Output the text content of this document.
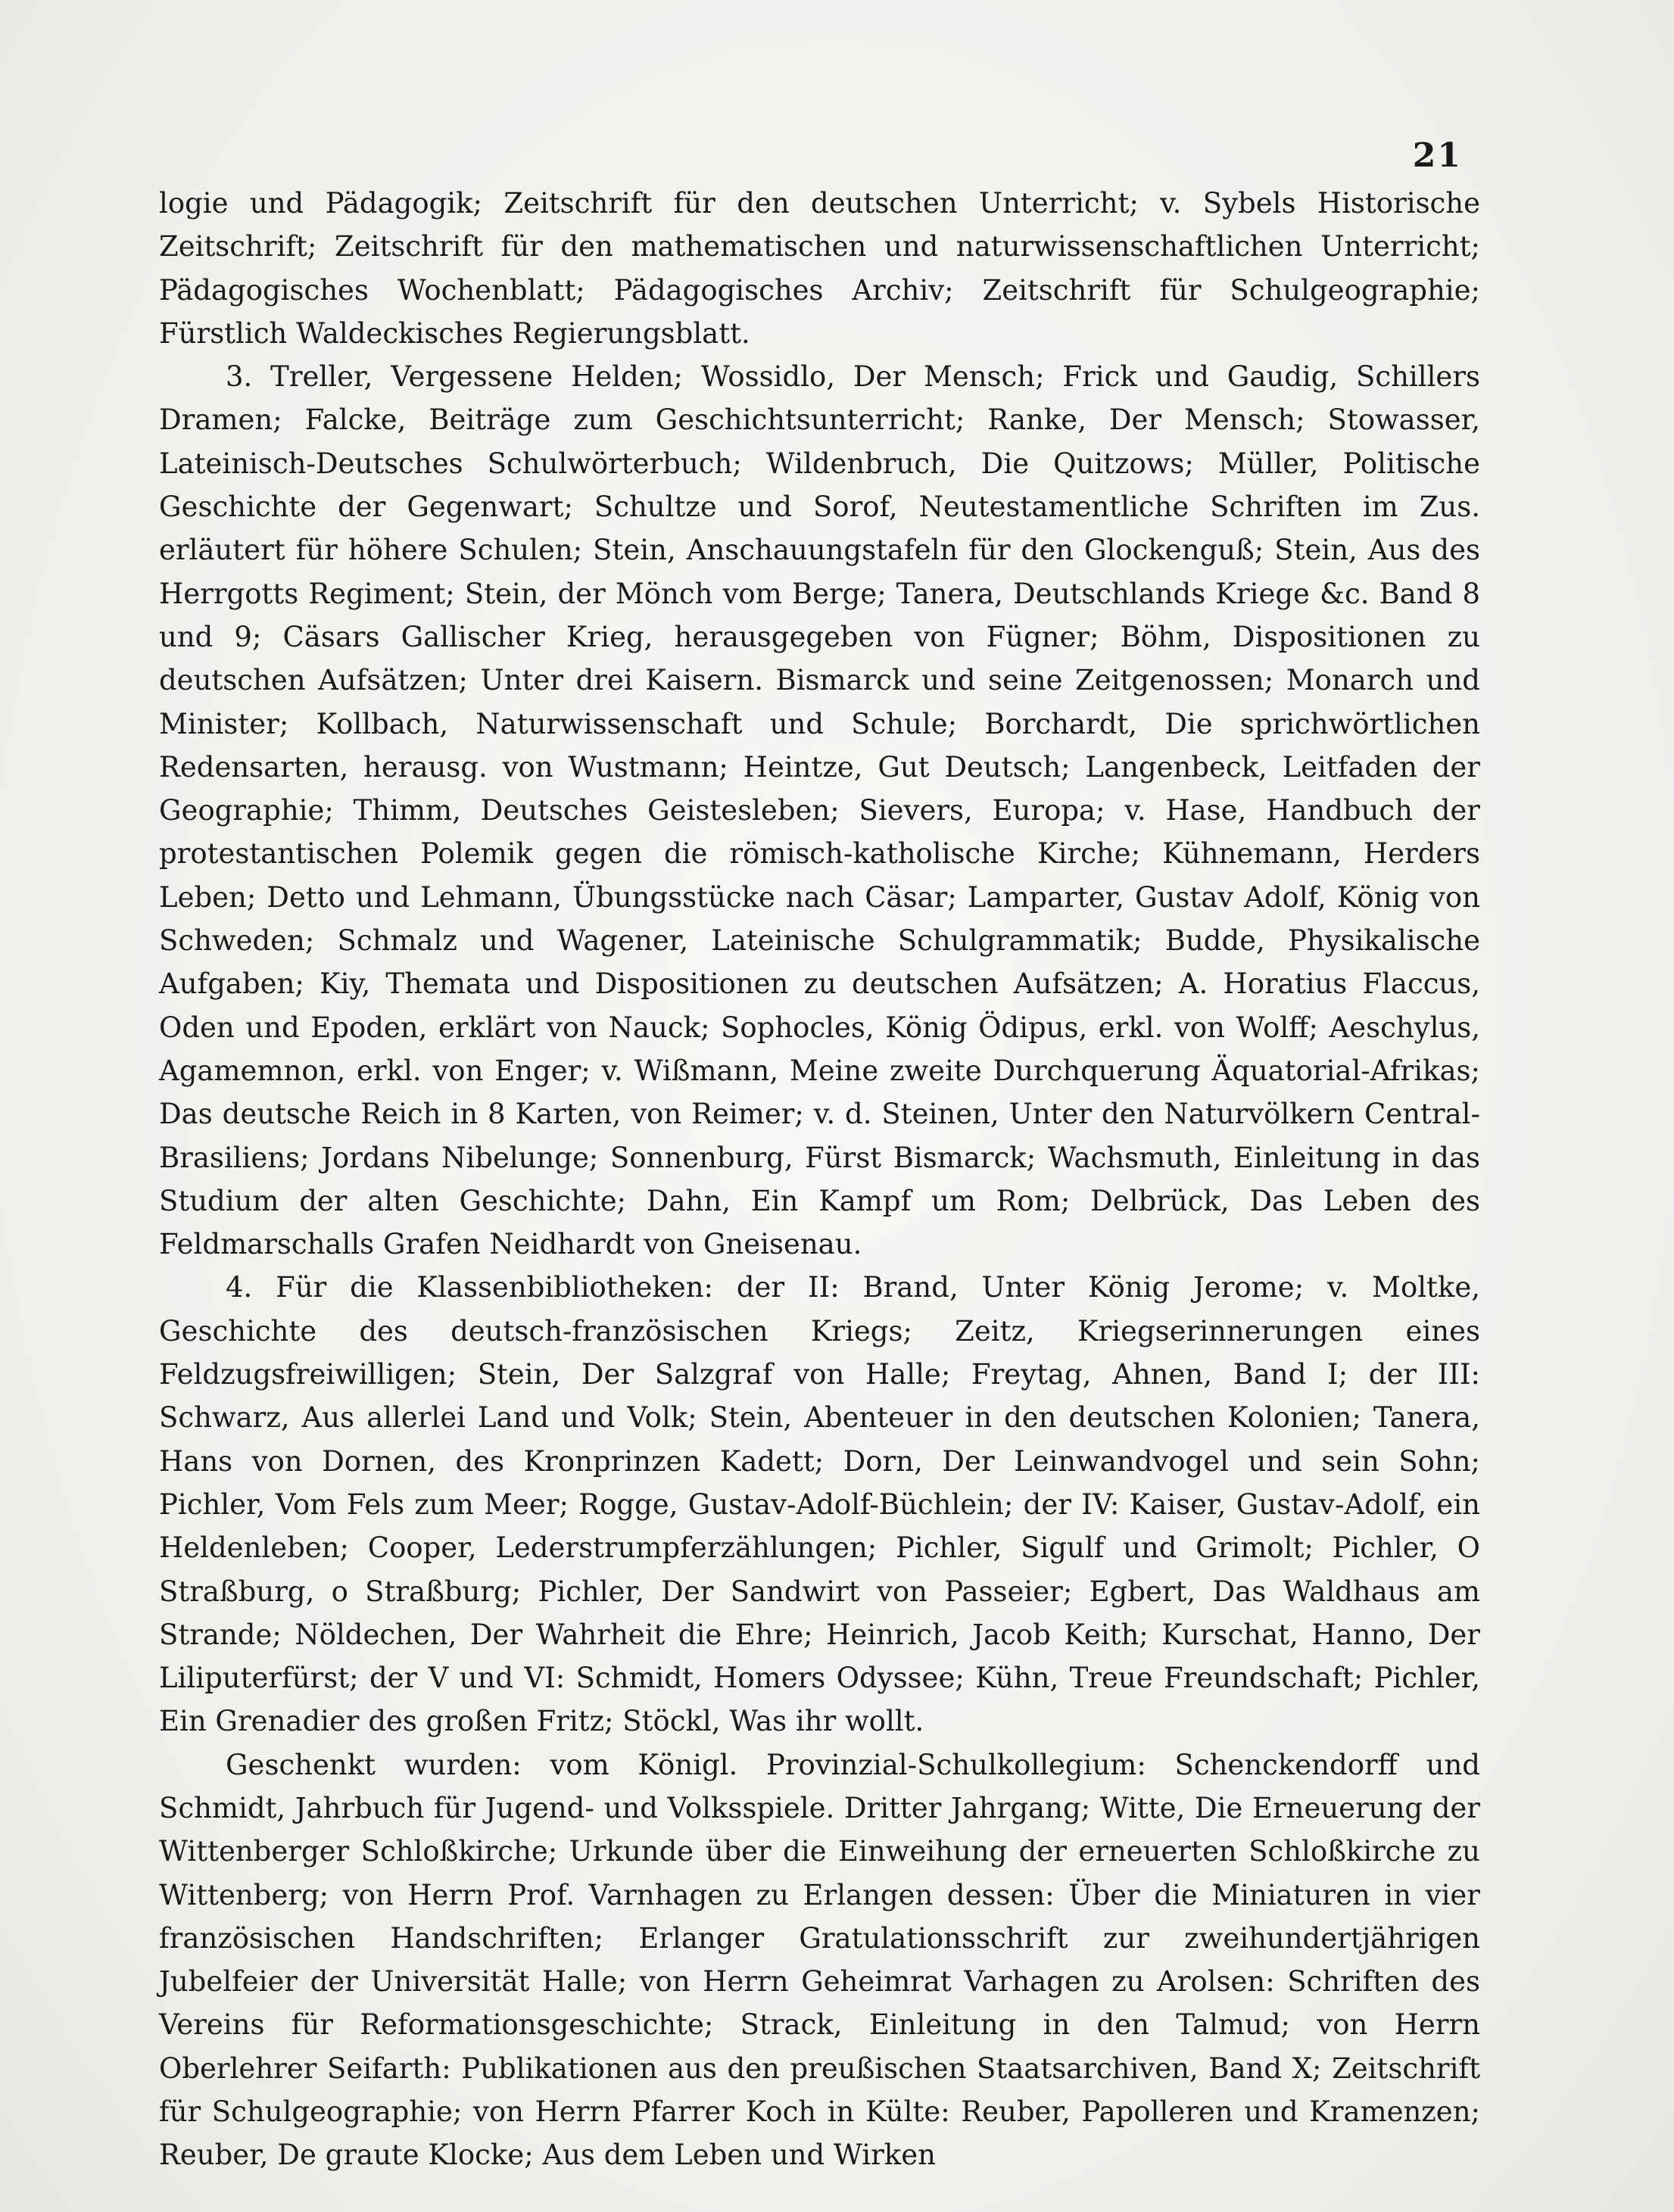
21

logie und Pädagogik; Zeitschrift für den deutschen Unterricht; v. Sybels Historische Zeitschrift; Zeitschrift für den mathematischen und naturwissenschaftlichen Unterricht; Pädagogisches Wochenblatt; Pädagogisches Archiv; Zeitschrift für Schulgeographie; Fürstlich Waldeckisches Regierungsblatt.

3. Treller, Vergessene Helden; Wossidlo, Der Mensch; Frick und Gaudig, Schillers Dramen; Falcke, Beiträge zum Geschichtsunterricht; Ranke, Der Mensch; Stowasser, Lateinisch-Deutsches Schulwörterbuch; Wildenbruch, Die Quitzows; Müller, Politische Geschichte der Gegenwart; Schultze und Sorof, Neutestamentliche Schriften im Zus. erläutert für höhere Schulen; Stein, Anschauungstafeln für den Glockenguß; Stein, Aus des Herrgotts Regiment; Stein, der Mönch vom Berge; Tanera, Deutschlands Kriege &c. Band 8 und 9; Cäsars Gallischer Krieg, herausgegeben von Fügner; Böhm, Dispositionen zu deutschen Aufsätzen; Unter drei Kaisern. Bismarck und seine Zeitgenossen; Monarch und Minister; Kollbach, Naturwissenschaft und Schule; Borchardt, Die sprichwörtlichen Redensarten, herausg. von Wustmann; Heintze, Gut Deutsch; Langenbeck, Leitfaden der Geographie; Thimm, Deutsches Geistesleben; Sievers, Europa; v. Hase, Handbuch der protestantischen Polemik gegen die römisch-katholische Kirche; Kühnemann, Herders Leben; Detto und Lehmann, Übungsstücke nach Cäsar; Lamparter, Gustav Adolf, König von Schweden; Schmalz und Wagener, Lateinische Schulgrammatik; Budde, Physikalische Aufgaben; Kiy, Themata und Dispositionen zu deutschen Aufsätzen; A. Horatius Flaccus, Oden und Epoden, erklärt von Nauck; Sophocles, König Ödipus, erkl. von Wolff; Aeschylus, Agamemnon, erkl. von Enger; v. Wißmann, Meine zweite Durchquerung Äquatorial-Afrikas; Das deutsche Reich in 8 Karten, von Reimer; v. d. Steinen, Unter den Naturvölkern Central-Brasiliens; Jordans Nibelunge; Sonnenburg, Fürst Bismarck; Wachsmuth, Einleitung in das Studium der alten Geschichte; Dahn, Ein Kampf um Rom; Delbrück, Das Leben des Feldmarschalls Grafen Neidhardt von Gneisenau.

4. Für die Klassenbibliotheken: der II: Brand, Unter König Jerome; v. Moltke, Geschichte des deutsch-französischen Kriegs; Zeitz, Kriegserinnerungen eines Feldzugsfreiwilligen; Stein, Der Salzgraf von Halle; Freytag, Ahnen, Band I; der III: Schwarz, Aus allerlei Land und Volk; Stein, Abenteuer in den deutschen Kolonien; Tanera, Hans von Dornen, des Kronprinzen Kadett; Dorn, Der Leinwandvogel und sein Sohn; Pichler, Vom Fels zum Meer; Rogge, Gustav-Adolf-Büchlein; der IV: Kaiser, Gustav-Adolf, ein Heldenleben; Cooper, Lederstrumpferzählungen; Pichler, Sigulf und Grimolt; Pichler, O Straßburg, o Straßburg; Pichler, Der Sandwirt von Passeier; Egbert, Das Waldhaus am Strande; Nöldechen, Der Wahrheit die Ehre; Heinrich, Jacob Keith; Kurschat, Hanno, Der Liliputerfürst; der V und VI: Schmidt, Homers Odyssee; Kühn, Treue Freundschaft; Pichler, Ein Grenadier des großen Fritz; Stöckl, Was ihr wollt.

Geschenkt wurden: vom Königl. Provinzial-Schulkollegium: Schenckendorff und Schmidt, Jahrbuch für Jugend- und Volksspiele. Dritter Jahrgang; Witte, Die Erneuerung der Wittenberger Schloßkirche; Urkunde über die Einweihung der erneuerten Schloßkirche zu Wittenberg; von Herrn Prof. Varnhagen zu Erlangen dessen: Über die Miniaturen in vier französischen Handschriften; Erlanger Gratulationsschrift zur zweihundertjährigen Jubelfeier der Universität Halle; von Herrn Geheimrat Varhagen zu Arolsen: Schriften des Vereins für Reformationsgeschichte; Strack, Einleitung in den Talmud; von Herrn Oberlehrer Seifarth: Publikationen aus den preußischen Staatsarchiven, Band X; Zeitschrift für Schulgeographie; von Herrn Pfarrer Koch in Külte: Reuber, Papolleren und Kramenzen; Reuber, De graute Klocke; Aus dem Leben und Wirken
